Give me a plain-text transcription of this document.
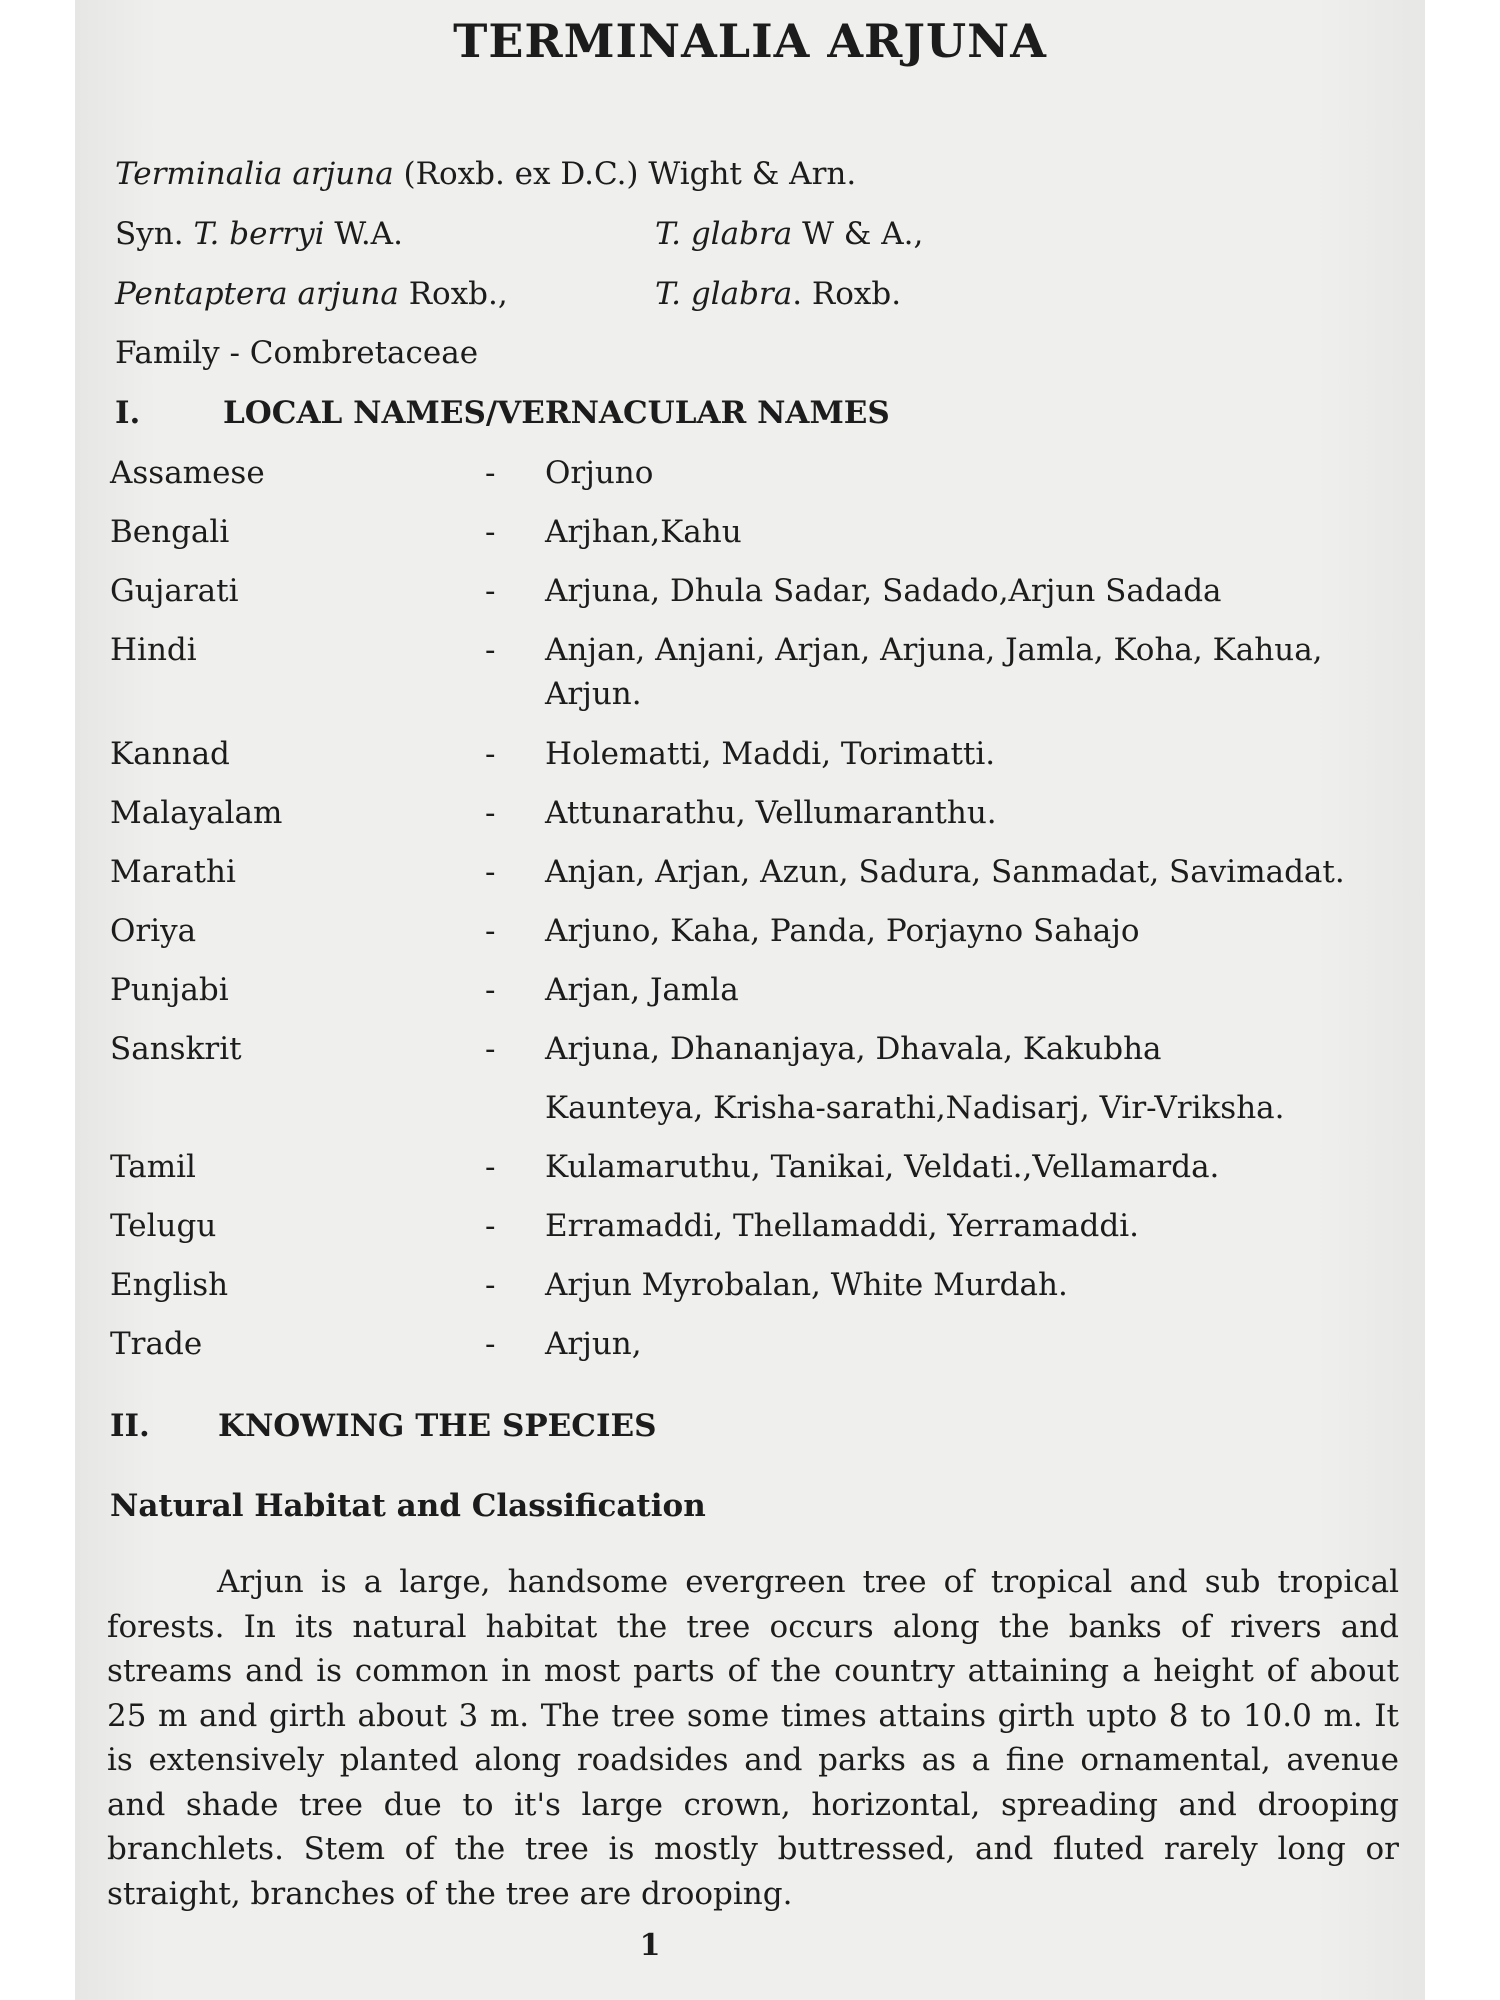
TERMINALIA ARJUNA
Terminalia arjuna (Roxb. ex D.C.) Wight & Arn.
Syn. T. berryi W.A.	T. glabra W & A.,
Pentaptera arjuna Roxb.,	T. glabra. Roxb.
Family - Combretaceae
I.	LOCAL NAMES/VERNACULAR NAMES
Assamese	- Orjuno
Bengali	- Arjhan,Kahu
Gujarati	- Arjuna, Dhula Sadar, Sadado,Arjun Sadada
Hindi	- Anjan, Anjani, Arjan, Arjuna, Jamla, Koha, Kahua,
Arjun.
Kannad	- Holematti, Maddi, Torimatti.
Malayalam	- Attunarathu, Vellumaranthu.
Marathi	- Anjan, Arjan, Azun, Sadura, Sanmadat, Savimadat.
Oriya	- Arjuno, Kaha, Panda, Porjayno Sahajo
Punjabi	- Arjan, Jamla
Sanskrit	- Arjuna, Dhananjaya, Dhavala, Kakubha
Kaunteya, Krisha-sarathi,Nadisarj, Vir-Vriksha.
Tamil	- Kulamaruthu, Tanikai, Veldati.,Vellamarda.
Telugu	- Erramaddi, Thellamaddi, Yerramaddi.
English	- Arjun Myrobalan, White Murdah.
Trade	- Arjun,
II. KNOWING THE SPECIES
Natural Habitat and Classification
Arjun is a large, handsome evergreen tree of tropical and sub tropical forests. In its natural habitat the tree occurs along the banks of rivers and streams and is common in most parts of the country attaining a height of about 25 m and girth about 3 m. The tree some times attains girth upto 8 to 10.0 m. It is extensively planted along roadsides and parks as a fine ornamental, avenue and shade tree due to it's large crown, horizontal, spreading and drooping branchlets. Stem of the tree is mostly buttressed, and fluted rarely long or straight, branches of the tree are drooping.
1
